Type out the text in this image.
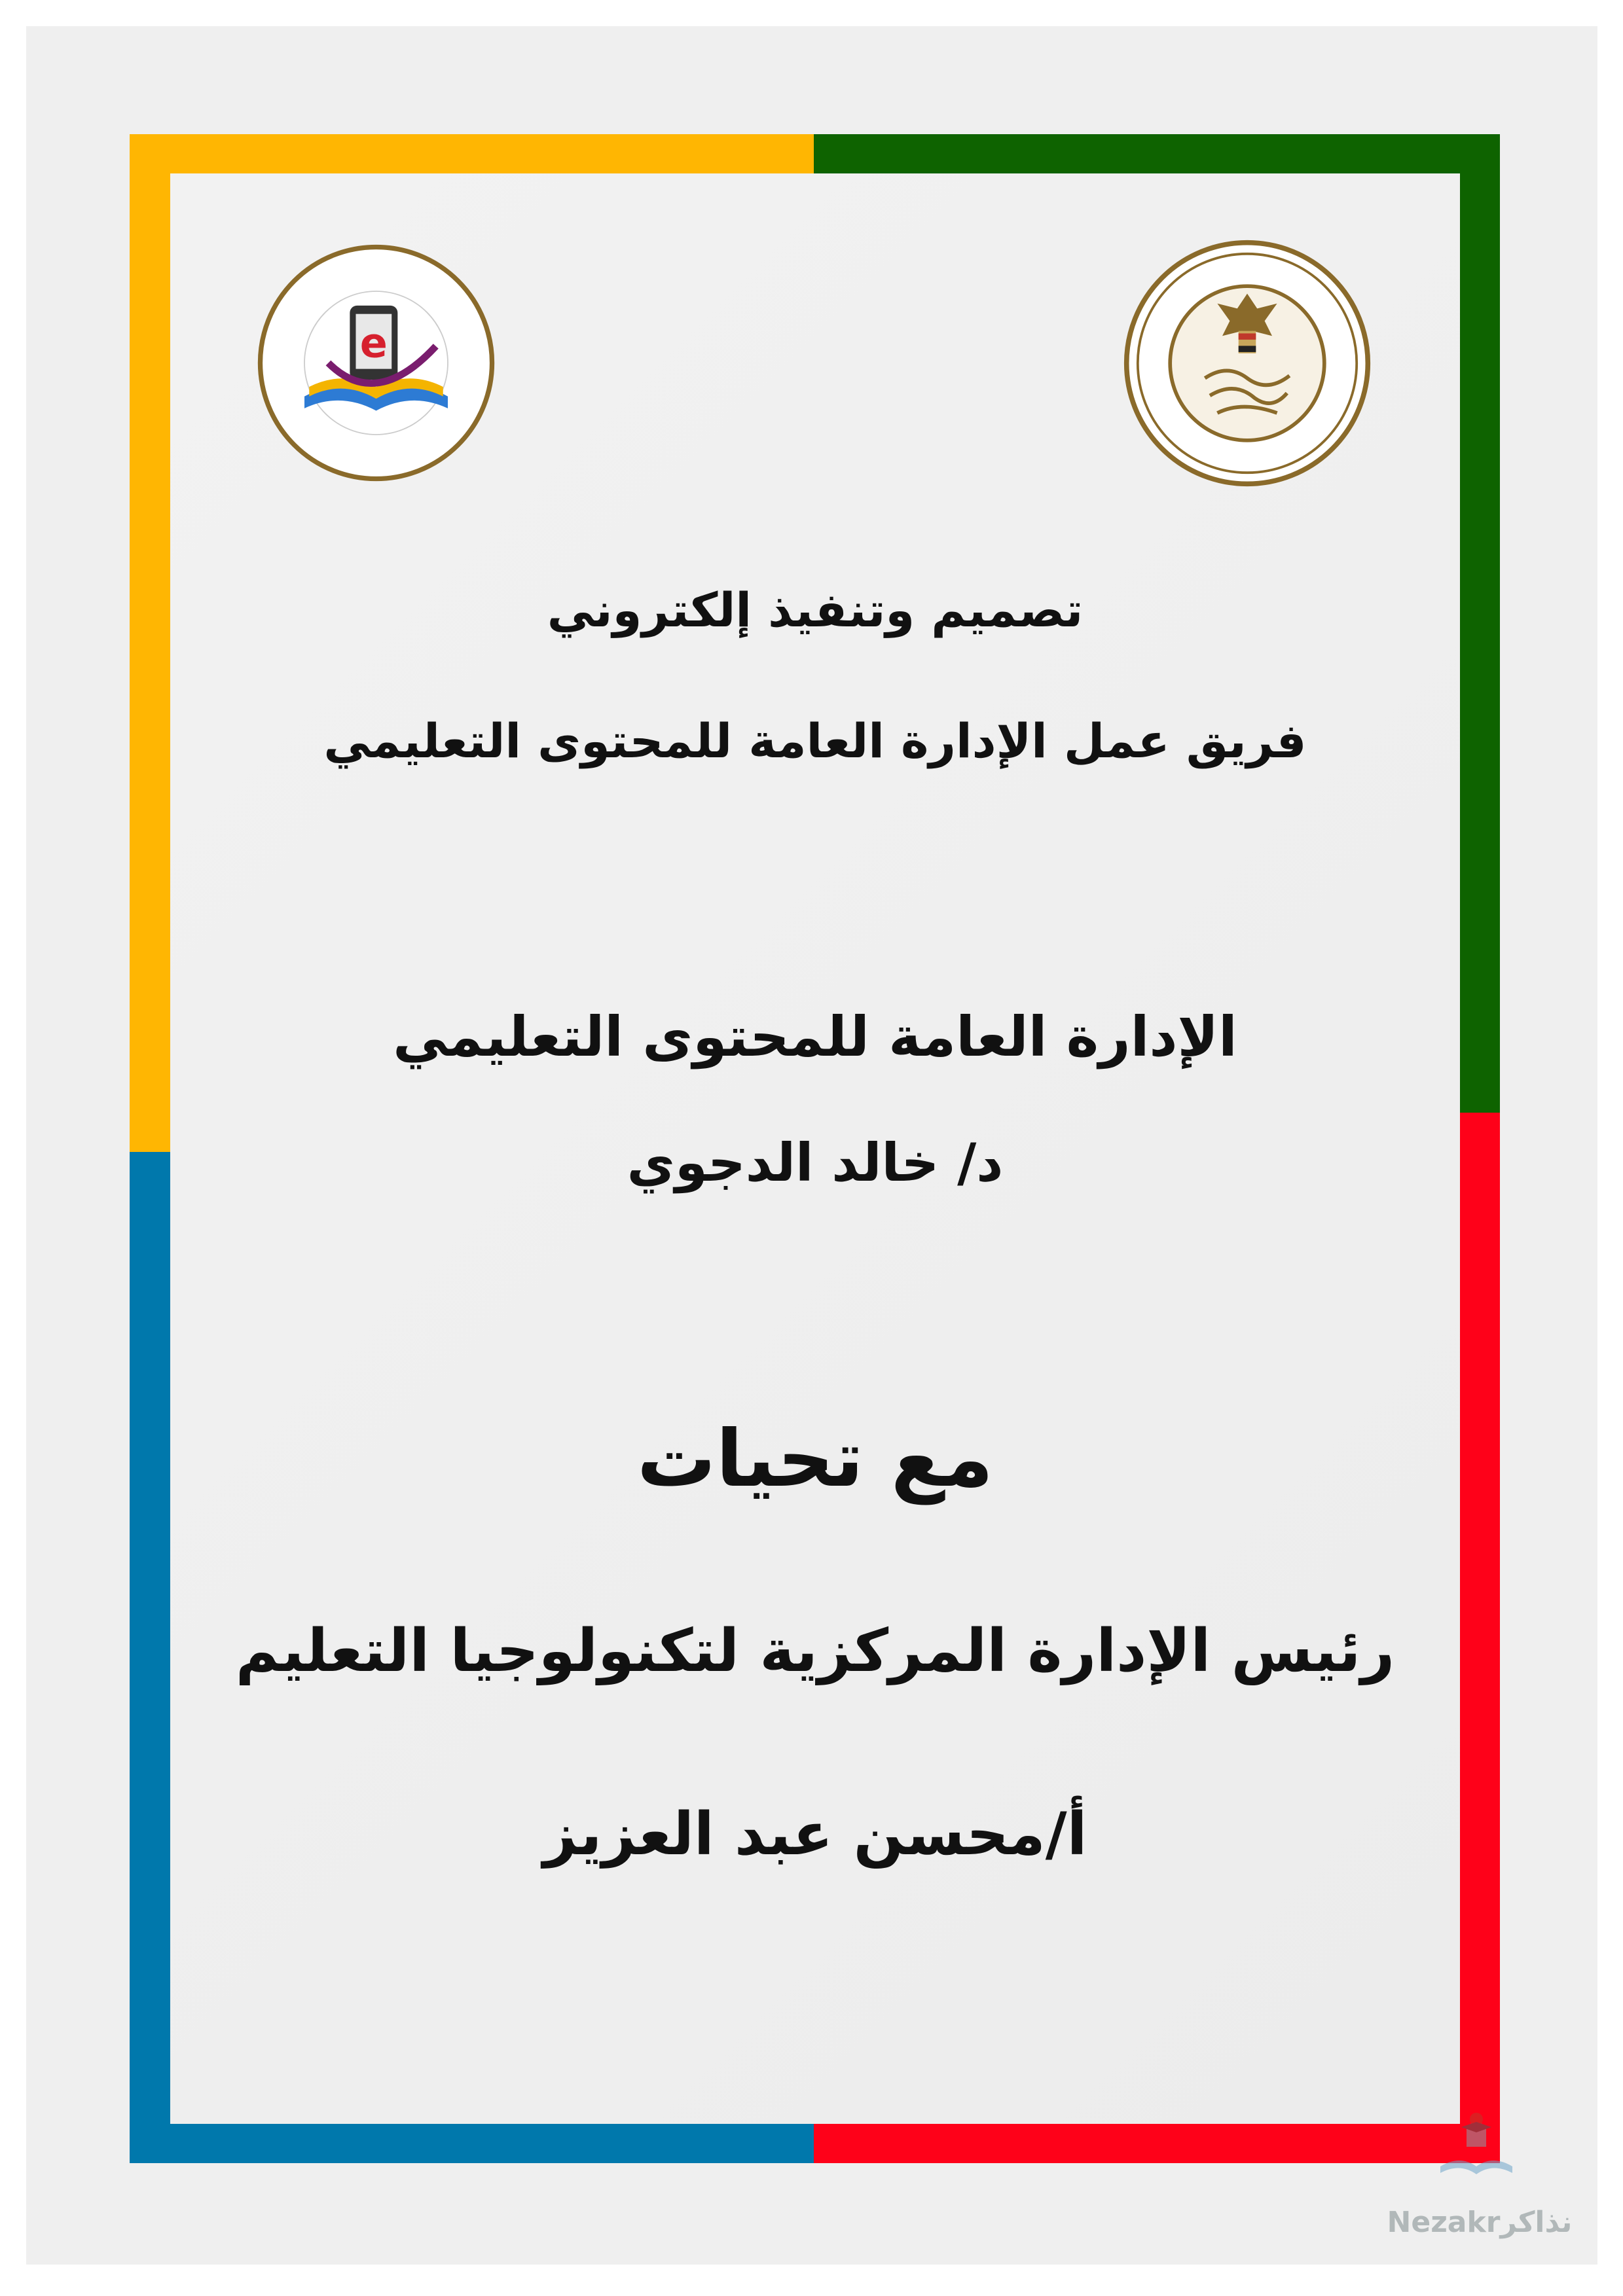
e
تصميم وتنفيذ إلكتروني
فريق عمل الإدارة العامة للمحتوى التعليمي
الإدارة العامة للمحتوى التعليمي
د/ خالد الدجوي
مع تحيات
رئيس الإدارة المركزية لتكنولوجيا التعليم
أ/محسن عبد العزيز
Nezakrنذاكر
